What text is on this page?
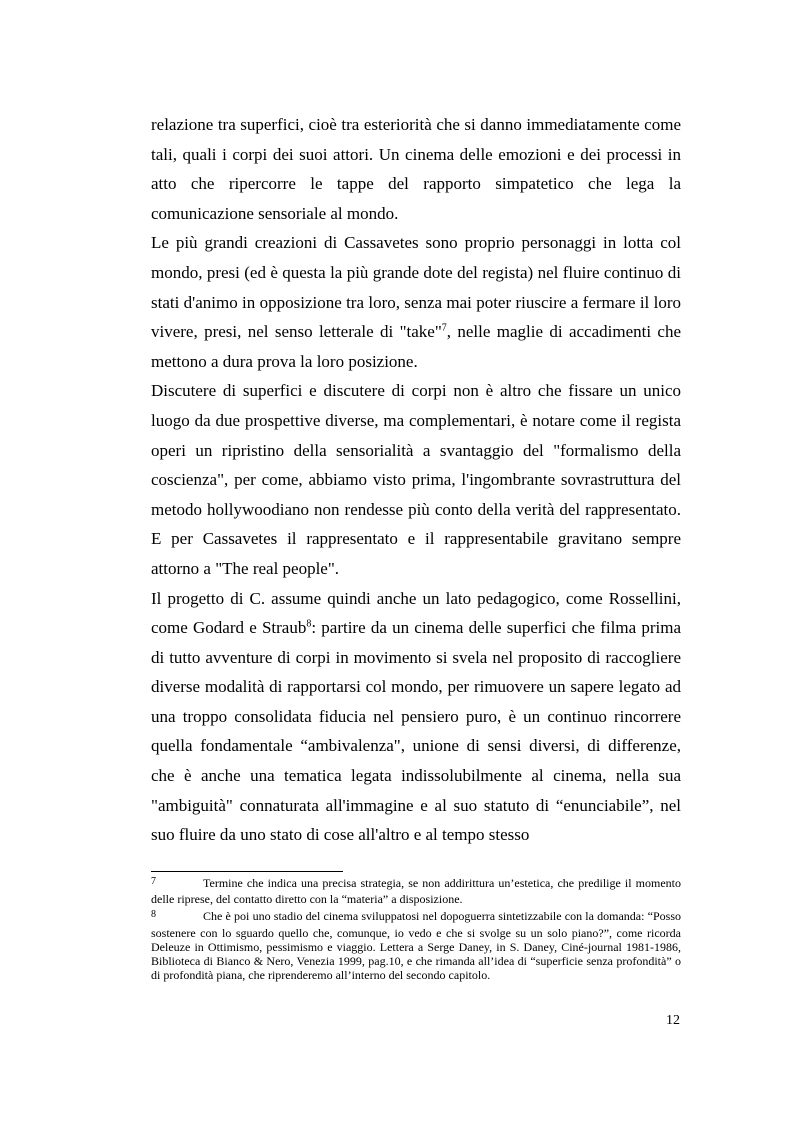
relazione tra superfici, cioè tra esteriorità che si danno immediatamente come tali, quali i corpi dei suoi attori. Un cinema delle emozioni e dei processi in atto che ripercorre le tappe del rapporto simpatetico che lega la comunicazione sensoriale al mondo.

Le più grandi creazioni di Cassavetes sono proprio personaggi in lotta col mondo, presi (ed è questa la più grande dote del regista) nel fluire continuo di stati d'animo in opposizione tra loro, senza mai poter riuscire a fermare il loro vivere, presi, nel senso letterale di "take"$^7$, nelle maglie di accadimenti che mettono a dura prova la loro posizione.

Discutere di superfici e discutere di corpi non è altro che fissare un unico luogo da due prospettive diverse, ma complementari, è notare come il regista operi un ripristino della sensorialità a svantaggio del "formalismo della coscienza", per come, abbiamo visto prima, l'ingombrante sovrastruttura del metodo hollywoodiano non rendesse più conto della verità del rappresentato. E per Cassavetes il rappresentato e il rappresentabile gravitano sempre attorno a "The real people".

Il progetto di C. assume quindi anche un lato pedagogico, come Rossellini, come Godard e Straub$^8$: partire da un cinema delle superfici che filma prima di tutto avventure di corpi in movimento si svela nel proposito di raccogliere diverse modalità di rapportarsi col mondo, per rimuovere un sapere legato ad una troppo consolidata fiducia nel pensiero puro, è un continuo rincorrere quella fondamentale “ambivalenza", unione di sensi diversi, di differenze, che è anche una tematica legata indissolubilmente al cinema, nella sua "ambiguità" connaturata all'immagine e al suo statuto di “enunciabile”, nel suo fluire da uno stato di cose all'altro e al tempo stesso

7	Termine che indica una precisa strategia, se non addirittura un’estetica, che predilige il momento delle riprese, del contatto diretto con la “materia” a disposizione.

8	Che è poi uno stadio del cinema sviluppatosi nel dopoguerra sintetizzabile con la domanda: “Posso sostenere con lo sguardo quello che, comunque, io vedo e che si svolge su un solo piano?”, come ricorda Deleuze in Ottimismo, pessimismo e viaggio. Lettera a Serge Daney, in S. Daney, Ciné-journal 1981-1986, Biblioteca di Bianco & Nero, Venezia 1999, pag.10, e che rimanda all’idea di “superficie senza profondità” o di profondità piana, che riprenderemo all’interno del secondo capitolo.

12
